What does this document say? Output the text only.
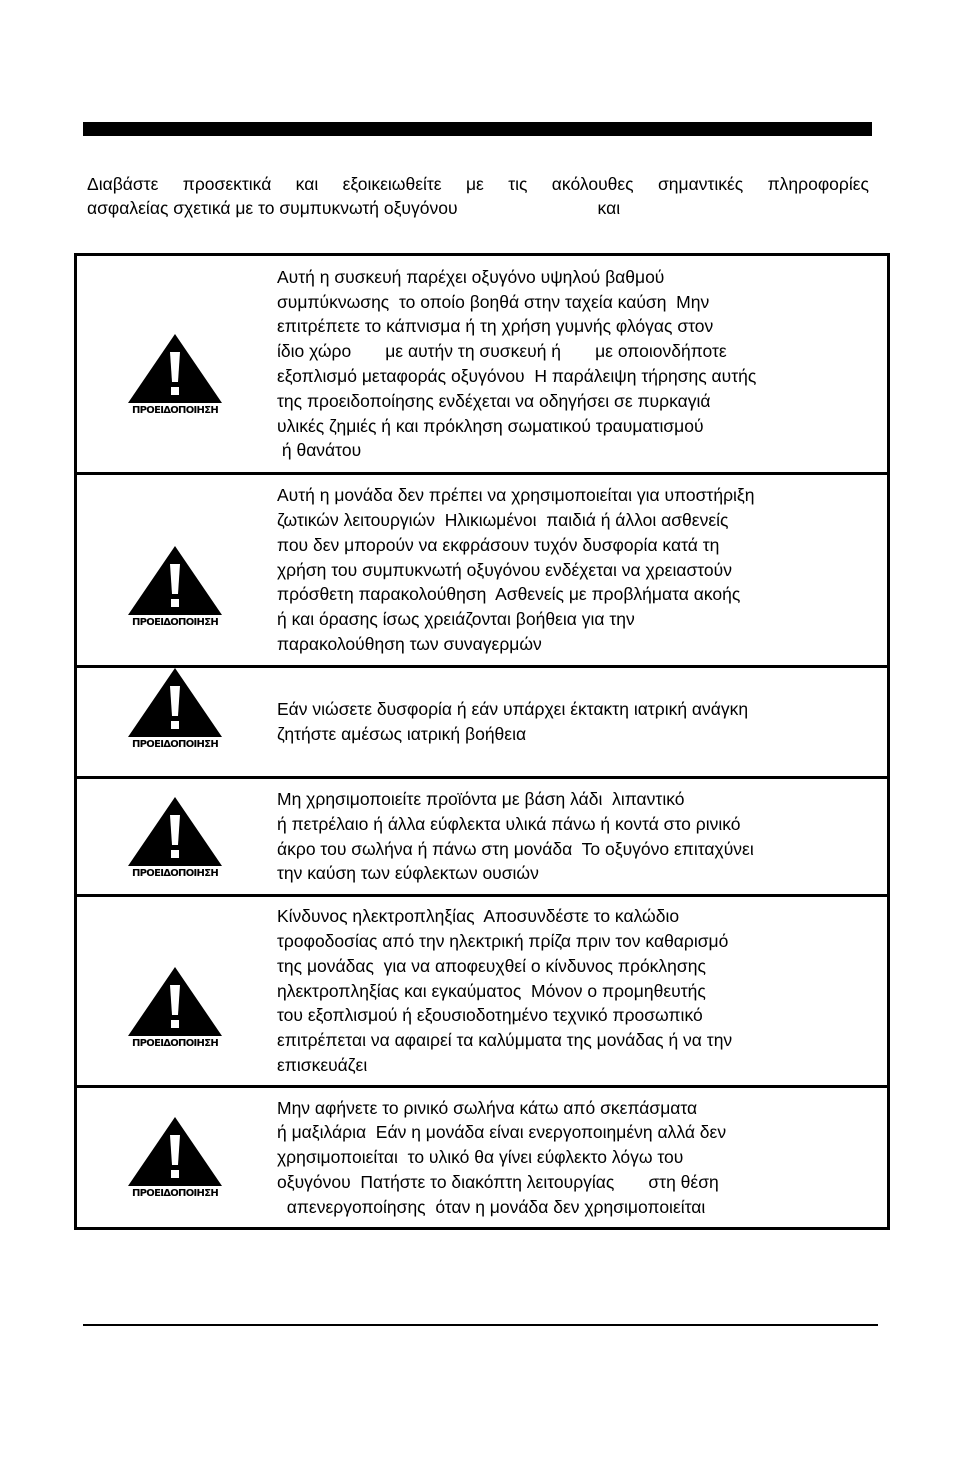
Διαβάστε προσεκτικά και εξοικειωθείτε με τις ακόλουθες σημαντικές πληροφορίες
ασφαλείας σχετικά με το συμπυκνωτή οξυγόνου	και
ΠΡΟΕΙΔΟΠΟΙΗΣΗ
Αυτή η συσκευή παρέχει οξυγόνο υψηλού βαθμού
συμπύκνωσης  το οποίο βοηθά στην ταχεία καύση  Μην
επιτρέπετε το κάπνισμα ή τη χρήση γυμνής φλόγας στον
ίδιο χώρο       με αυτήν τη συσκευή ή       με οποιονδήποτε
εξοπλισμό μεταφοράς οξυγόνου  Η παράλειψη τήρησης αυτής
της προειδοποίησης ενδέχεται να οδηγήσει σε πυρκαγιά
υλικές ζημιές ή και πρόκληση σωματικού τραυματισμού
ή θανάτου
ΠΡΟΕΙΔΟΠΟΙΗΣΗ
Αυτή η μονάδα δεν πρέπει να χρησιμοποιείται για υποστήριξη
ζωτικών λειτουργιών  Ηλικιωμένοι  παιδιά ή άλλοι ασθενείς
που δεν μπορούν να εκφράσουν τυχόν δυσφορία κατά τη
χρήση του συμπυκνωτή οξυγόνου ενδέχεται να χρειαστούν
πρόσθετη παρακολούθηση  Ασθενείς με προβλήματα ακοής
ή και όρασης ίσως χρειάζονται βοήθεια για την
παρακολούθηση των συναγερμών
ΠΡΟΕΙΔΟΠΟΙΗΣΗ
Εάν νιώσετε δυσφορία ή εάν υπάρχει έκτακτη ιατρική ανάγκη
ζητήστε αμέσως ιατρική βοήθεια
ΠΡΟΕΙΔΟΠΟΙΗΣΗ
Μη χρησιμοποιείτε προϊόντα με βάση λάδι  λιπαντικό
ή πετρέλαιο ή άλλα εύφλεκτα υλικά πάνω ή κοντά στο ρινικό
άκρο του σωλήνα ή πάνω στη μονάδα  Το οξυγόνο επιταχύνει
την καύση των εύφλεκτων ουσιών
ΠΡΟΕΙΔΟΠΟΙΗΣΗ
Κίνδυνος ηλεκτροπληξίας  Αποσυνδέστε το καλώδιο
τροφοδοσίας από την ηλεκτρική πρίζα πριν τον καθαρισμό
της μονάδας  για να αποφευχθεί ο κίνδυνος πρόκλησης
ηλεκτροπληξίας και εγκαύματος  Μόνον ο προμηθευτής
του εξοπλισμού ή εξουσιοδοτημένο τεχνικό προσωπικό
επιτρέπεται να αφαιρεί τα καλύμματα της μονάδας ή να την
επισκευάζει
ΠΡΟΕΙΔΟΠΟΙΗΣΗ
Μην αφήνετε το ρινικό σωλήνα κάτω από σκεπάσματα
ή μαξιλάρια  Εάν η μονάδα είναι ενεργοποιημένη αλλά δεν
χρησιμοποιείται  το υλικό θα γίνει εύφλεκτο λόγω του
οξυγόνου  Πατήστε το διακόπτη λειτουργίας       στη θέση
απενεργοποίησης  όταν η μονάδα δεν χρησιμοποιείται
